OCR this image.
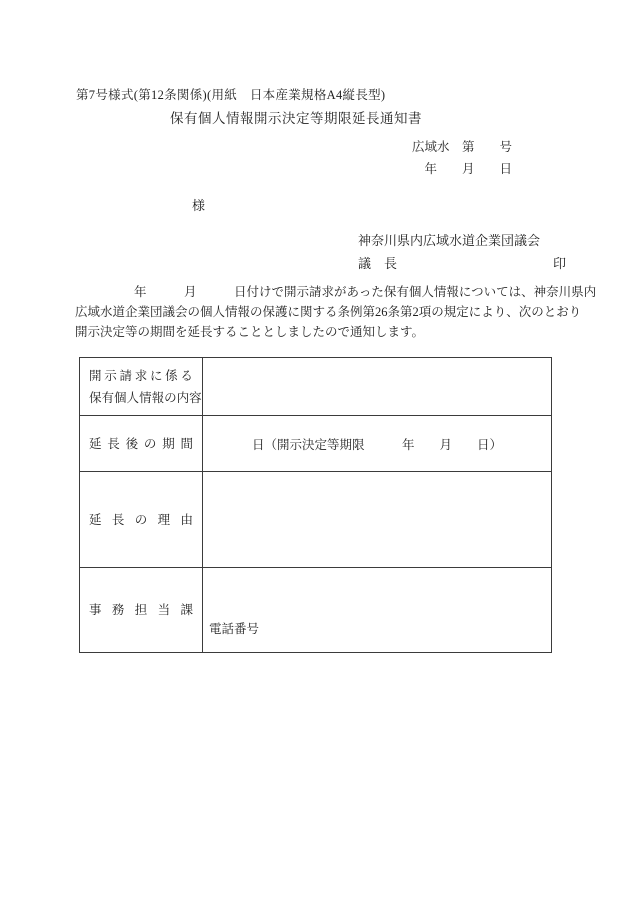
第7号様式(第12条関係)(用紙　日本産業規格A4縦長型)
保有個人情報開示決定等期限延長通知書
広域水　第　　号
年　　月　　日
様
神奈川県内広域水道企業団議会
議　長	印
年　　　月　　　日付けで開示請求があった保有個人情報については、神奈川県内
広域水道企業団議会の個人情報の保護に関する条例第26条第2項の規定により、次のとおり
開示決定等の期間を延長することとしましたので通知します。
開 示 請 求 に 係 る
保 有 個 人 情 報 の 内 容

延 長 後 の 期 間	日（開示決定等期限　　　年　　月　　日）

延 長 の 理 由	

事 務 担 当 課	電話番号
